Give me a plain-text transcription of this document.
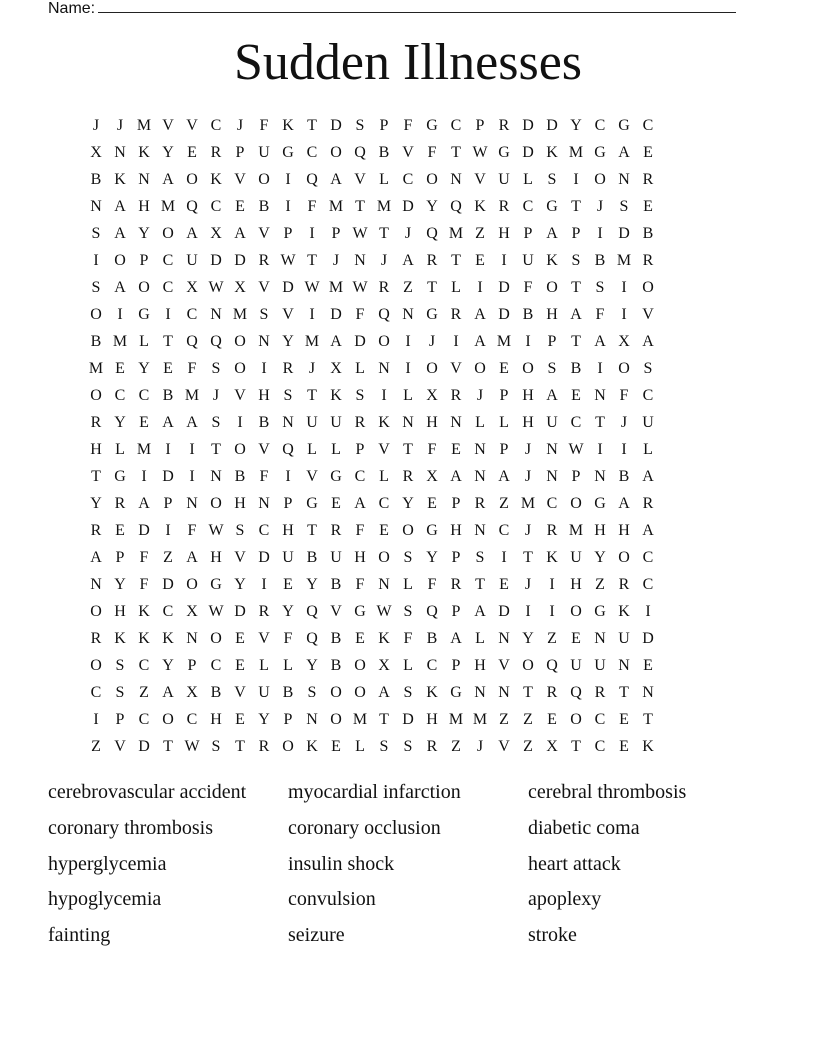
Name:
Sudden Illnesses
J	J M V V C J	F K T D S P F G C P R D D Y C G C
X N K Y E R P U G C O Q B V F T W G D K M G A E
B K N A O K V O I Q A V L C O N V U L S	I O N R
N A H M Q C E B	I	F M T M D Y Q K R C G T J	S E
S A Y O A X A V P	I	P W T J Q M Z H P A P	I D B
I O P C U D D R W T J N J A R T E	I U K S B M R
S A O C X W X V D W M W R Z T L	I D F O T S	I O
O I G I	C N M S V I D F Q N G R A D B H A F	I V
B M L T Q Q O N Y M A D O I	J	I A M I	P T A X A
M E Y E F S O I	R J X L N I O V O E O S B	I O S
O C C B M J V H S T K S	I	L X R J	P H A E N F C
R Y E A A S	I	B N U U R K N H N L L H U C T J U
H L M I	I	T O V Q L L P V T F E N P	J N W I	I	L
T G I D I N B F	I V G C L R X A N A J N P N B A
Y R A P N O H N P G E A C Y E P R Z M C O G A R
R E D I	F W S C H T R F E O G H N C J R M H H A
A P F Z A H V D U B U H O S Y P S	I	T K U Y O C
N Y F D O G Y I	E Y B F N L F R T E J	I H Z R C
O H K C X W D R Y Q V G W S Q P A D I	I O G K I
R K K K N O E V F Q B E K F B A L N Y Z E N U D
O S C Y P C E L L Y B O X L C P H V O Q U U N E
C S Z A X B V U B S O O A S K G N N T R Q R T N
I	P C O C H E Y P N O M T D H M M Z Z E O C E T
Z V D T W S T R O K E L S S R Z J V Z X T C E K
cerebrovascular accident	myocardial infarction	cerebral thrombosis
coronary thrombosis	coronary occlusion	diabetic coma
hyperglycemia	insulin shock	heart attack
hypoglycemia	convulsion	apoplexy
fainting	seizure	stroke
